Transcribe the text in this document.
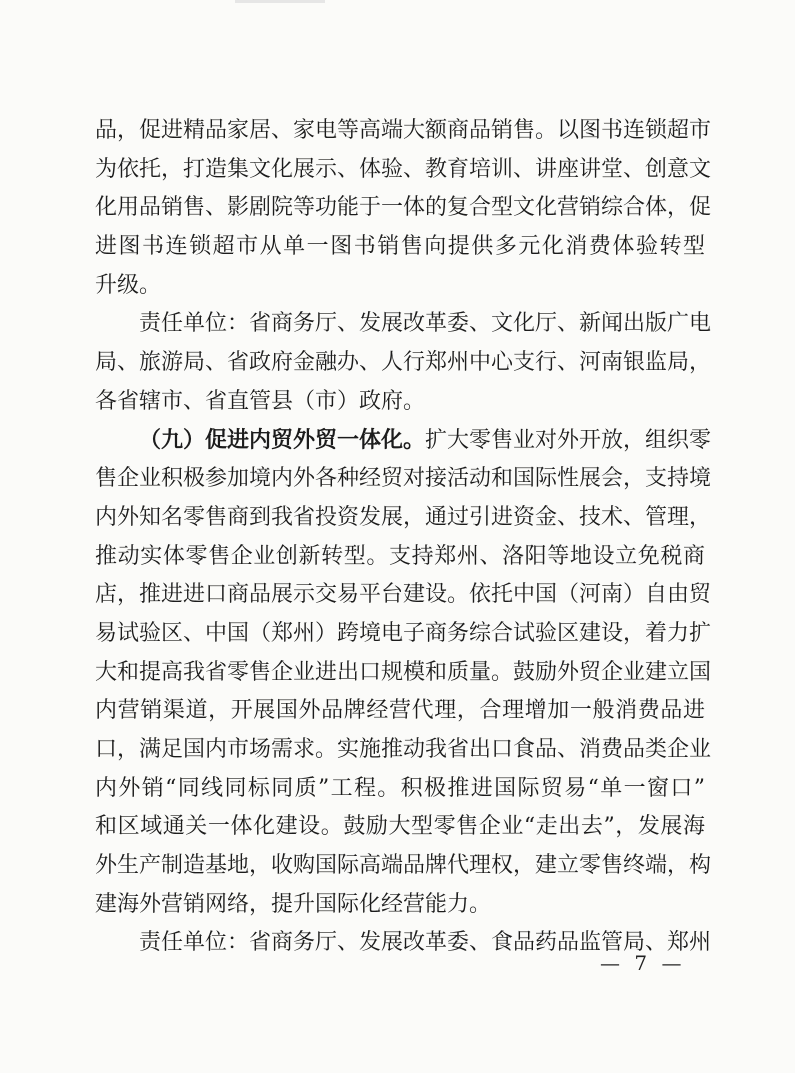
品，促进精品家居、家电等高端大额商品销售。以图书连锁超市
为依托，打造集文化展示、体验、教育培训、讲座讲堂、创意文
化用品销售、影剧院等功能于一体的复合型文化营销综合体，促
进图书连锁超市从单一图书销售向提供多元化消费体验转型
升级。
责任单位：省商务厅、发展改革委、文化厅、新闻出版广电
局、旅游局、省政府金融办、人行郑州中心支行、河南银监局，
各省辖市、省直管县（市）政府。
（九）促进内贸外贸一体化。扩大零售业对外开放，组织零
售企业积极参加境内外各种经贸对接活动和国际性展会，支持境
内外知名零售商到我省投资发展，通过引进资金、技术、管理，
推动实体零售企业创新转型。支持郑州、洛阳等地设立免税商
店，推进进口商品展示交易平台建设。依托中国（河南）自由贸
易试验区、中国（郑州）跨境电子商务综合试验区建设，着力扩
大和提高我省零售企业进出口规模和质量。鼓励外贸企业建立国
内营销渠道，开展国外品牌经营代理，合理增加一般消费品进
口，满足国内市场需求。实施推动我省出口食品、消费品类企业
内外销“同线同标同质”工程。积极推进国际贸易“单一窗口”
和区域通关一体化建设。鼓励大型零售企业“走出去”，发展海
外生产制造基地，收购国际高端品牌代理权，建立零售终端，构
建海外营销网络，提升国际化经营能力。
责任单位：省商务厅、发展改革委、食品药品监管局、郑州
— 7 —
